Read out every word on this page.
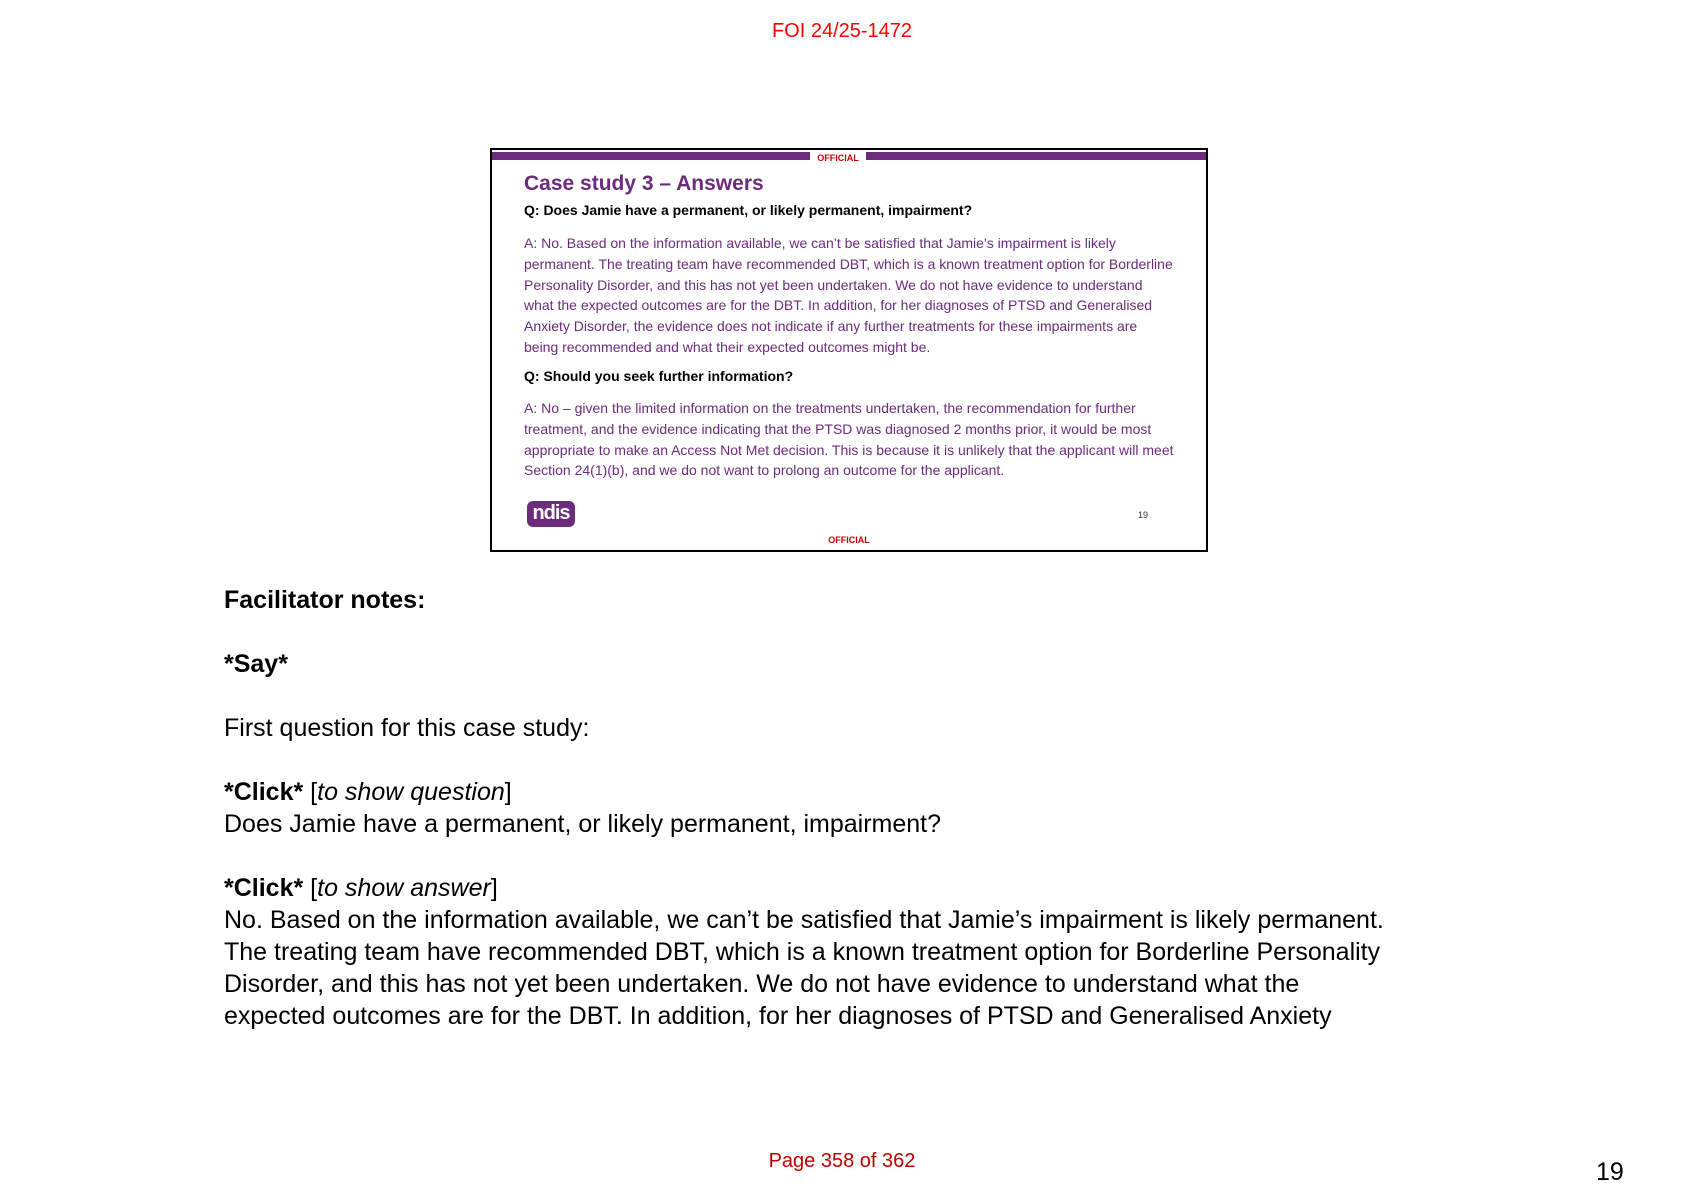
FOI 24/25-1472
OFFICIAL
Case study 3 – Answers
Q: Does Jamie have a permanent, or likely permanent, impairment?
A: No. Based on the information available, we can’t be satisfied that Jamie’s impairment is likely permanent. The treating team have recommended DBT, which is a known treatment option for Borderline Personality Disorder, and this has not yet been undertaken. We do not have evidence to understand what the expected outcomes are for the DBT. In addition, for her diagnoses of PTSD and Generalised Anxiety Disorder, the evidence does not indicate if any further treatments for these impairments are being recommended and what their expected outcomes might be.
Q: Should you seek further information?
A: No – given the limited information on the treatments undertaken, the recommendation for further treatment, and the evidence indicating that the PTSD was diagnosed 2 months prior, it would be most appropriate to make an Access Not Met decision. This is because it is unlikely that the applicant will meet Section 24(1)(b), and we do not want to prolong an outcome for the applicant.
ndis	19
OFFICIAL
Facilitator notes:
*Say*
First question for this case study:
*Click* [to show question]
Does Jamie have a permanent, or likely permanent, impairment?
*Click* [to show answer]
No. Based on the information available, we can’t be satisfied that Jamie’s impairment is likely permanent.
The treating team have recommended DBT, which is a known treatment option for Borderline Personality
Disorder, and this has not yet been undertaken. We do not have evidence to understand what the
expected outcomes are for the DBT. In addition, for her diagnoses of PTSD and Generalised Anxiety
Page 358 of 362	19
